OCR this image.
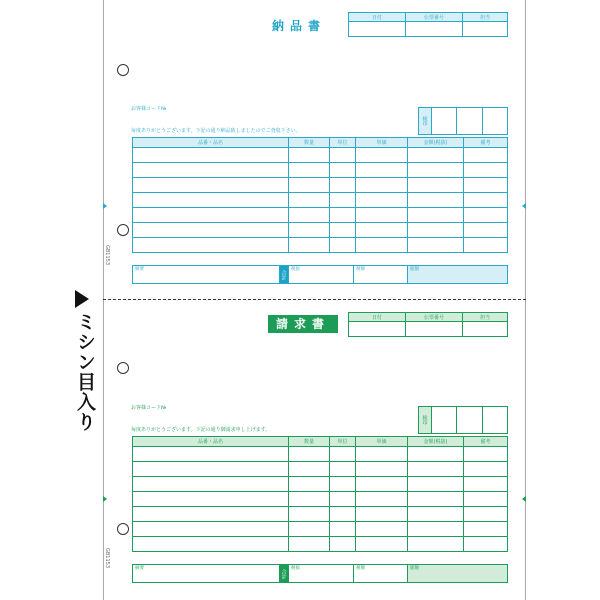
GB1153
GB1153
ミシン目入り
納品書
日付	伝票番号	担当

お客様コード№
毎度ありがとうございます。下記の通り納品致しましたのでご査収下さい。
検印			
品番・品名	数量	単位	単価	金額(税抜)	備考

摘要	合計	税抜	税額	総額
請求書	日付	伝票番号	担当

お客様コード№
毎度ありがとうございます。下記の通り御請求申し上げます。
検印			
品番・品名	数量	単位	単価	金額(税抜)	備考

摘要	合計	税抜	税額	総額
